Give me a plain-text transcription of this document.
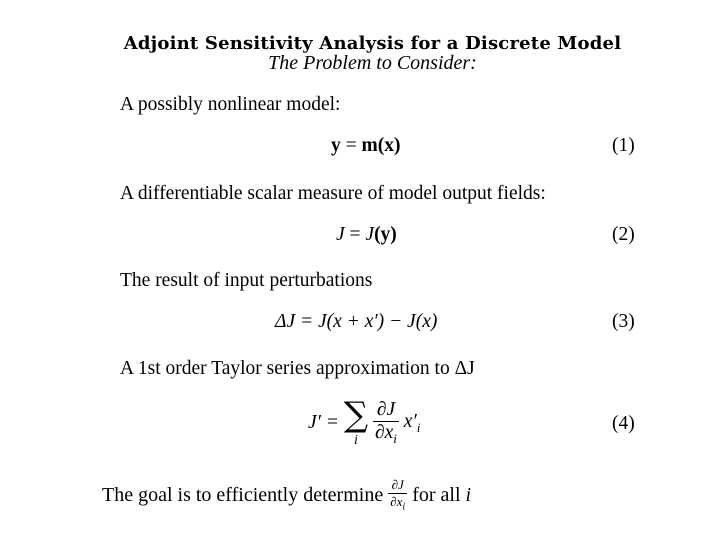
Adjoint Sensitivity Analysis for a Discrete Model
The Problem to Consider:
A possibly nonlinear model:
y = m(x)	(1)
A differentiable scalar measure of model output fields:
J = J(y)	(2)
The result of input perturbations
ΔJ = J(x + x′) − J(x)	(3)
A 1st order Taylor series approximation to ΔJ
J′ = ∑
i
$\frac{\partial J}{\partial x_i} x'_i$	(4)
The goal is to efficiently determine $\frac{\partial J}{\partial x_i}$ for all i
